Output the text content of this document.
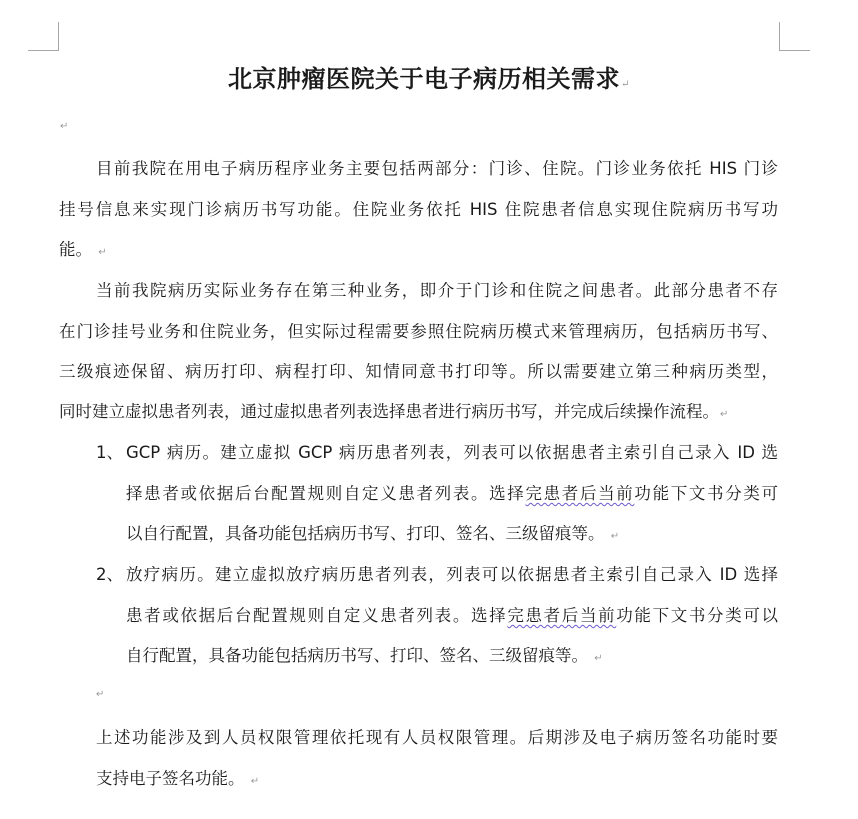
北京肿瘤医院关于电子病历相关需求↵
↵
目前我院在用电子病历程序业务主要包括两部分：门诊、住院。门诊业务依托 HIS 门诊
挂号信息来实现门诊病历书写功能。住院业务依托 HIS 住院患者信息实现住院病历书写功
能。 ↵
当前我院病历实际业务存在第三种业务，即介于门诊和住院之间患者。此部分患者不存
在门诊挂号业务和住院业务，但实际过程需要参照住院病历模式来管理病历，包括病历书写、
三级痕迹保留、病历打印、病程打印、知情同意书打印等。所以需要建立第三种病历类型，
同时建立虚拟患者列表，通过虚拟患者列表选择患者进行病历书写，并完成后续操作流程。↵
1、 GCP 病历。建立虚拟 GCP 病历患者列表，列表可以依据患者主索引自己录入 ID 选
择患者或依据后台配置规则自定义患者列表。选择完患者后当前功能下文书分类可
以自行配置，具备功能包括病历书写、打印、签名、三级留痕等。 ↵
2、 放疗病历。建立虚拟放疗病历患者列表，列表可以依据患者主索引自己录入 ID 选择
患者或依据后台配置规则自定义患者列表。选择完患者后当前功能下文书分类可以
自行配置，具备功能包括病历书写、打印、签名、三级留痕等。 ↵
↵
上述功能涉及到人员权限管理依托现有人员权限管理。后期涉及电子病历签名功能时要
支持电子签名功能。 ↵
